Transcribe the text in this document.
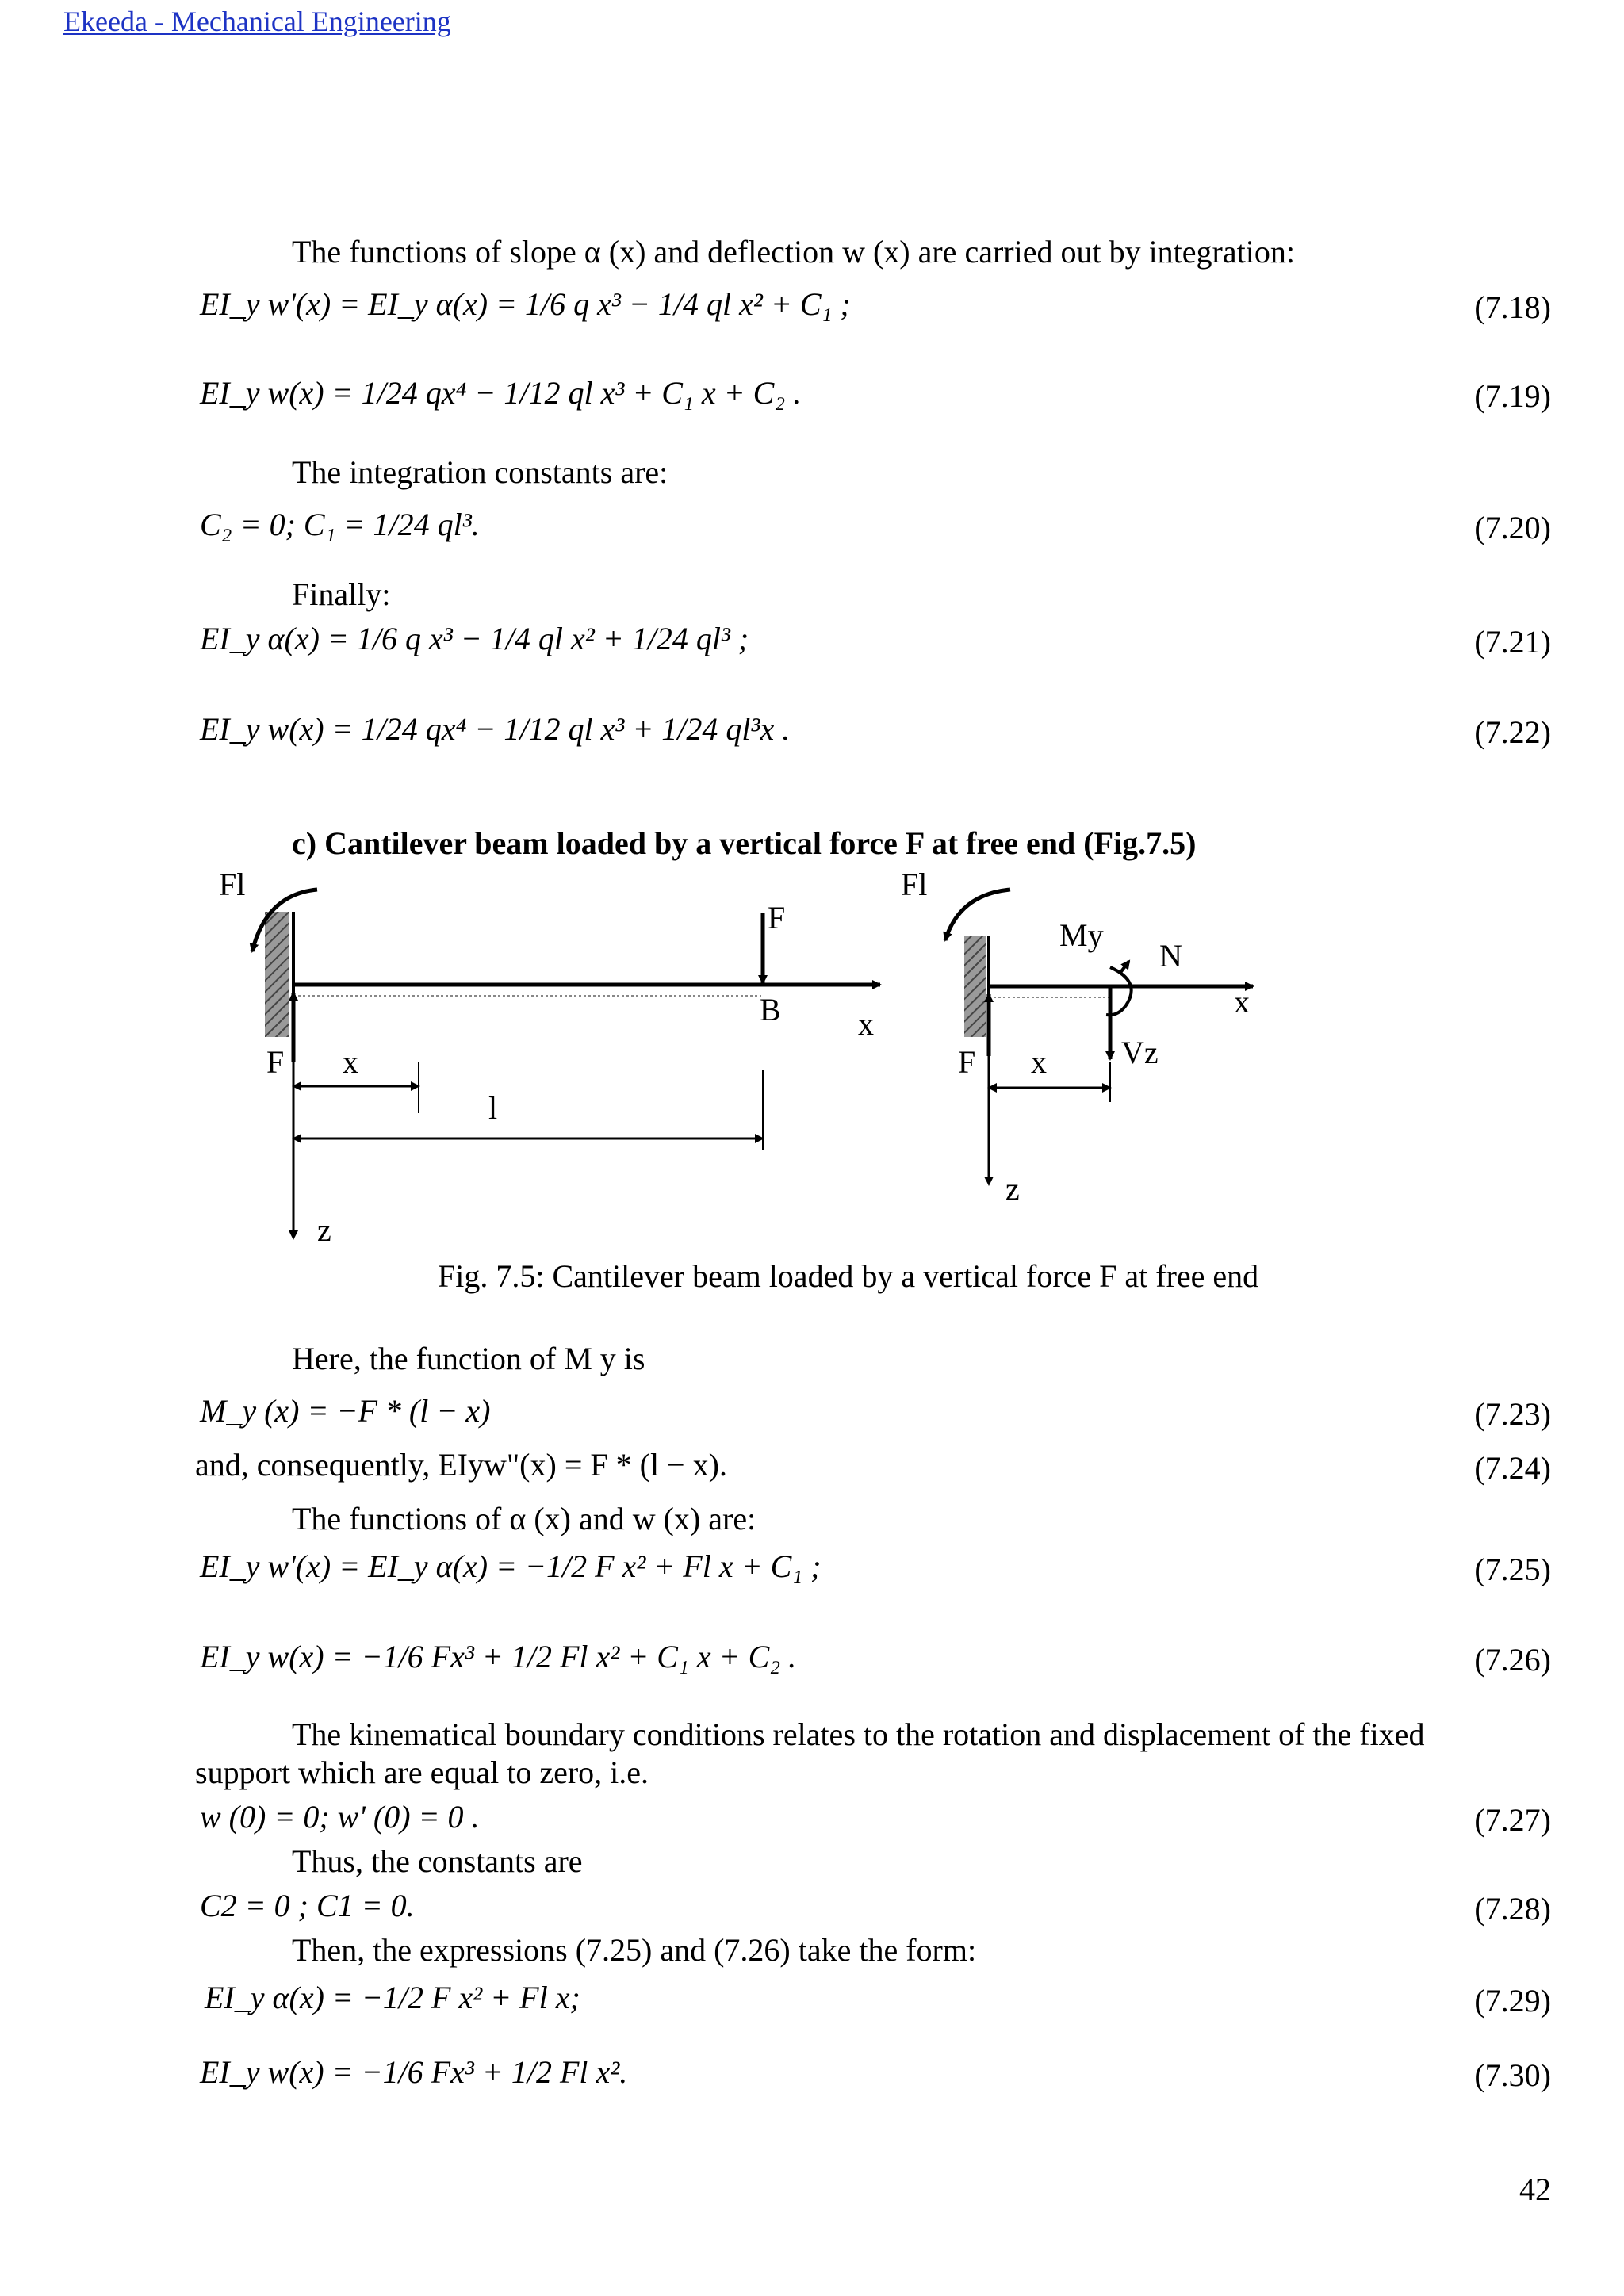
Ekeeda - Mechanical Engineering
The functions of slope α (x) and deflection w (x) are carried out by integration:
EI_y w'(x) = EI_y α(x) = 1/6 q x³ − 1/4 ql x² + C₁ ;	(7.18)
EI_y w(x) = 1/24 qx⁴ − 1/12 ql x³ + C₁ x + C₂ .	(7.19)
The integration constants are:
C₂ = 0; C₁ = 1/24 ql³.	(7.20)
Finally:
EI_y α(x) = 1/6 q x³ − 1/4 ql x² + 1/24 ql³ ;	(7.21)
EI_y w(x) = 1/24 qx⁴ − 1/12 ql x³ + 1/24 ql³x .	(7.22)
c) Cantilever beam loaded by a vertical force F at free end (Fig.7.5)
Fl
F
B x
F x
l
z
Fl
My
N
x
F x Vz
z
Fig. 7.5: Cantilever beam loaded by a vertical force F at free end
Here, the function of M y is
M_y (x) = −F * (l − x)	(7.23)
and, consequently, EIyw"(x) = F * (l − x).	(7.24)
The functions of α (x) and w (x) are:
EI_y w'(x) = EI_y α(x) = −1/2 F x² + Fl x + C₁ ;	(7.25)
EI_y w(x) = −1/6 Fx³ + 1/2 Fl x² + C₁ x + C₂ .	(7.26)
The kinematical boundary conditions relates to the rotation and displacement of the fixed
support which are equal to zero, i.e.
w (0) = 0; w' (0) = 0 .	(7.27)
Thus, the constants are
C2 = 0 ; C1 = 0.	(7.28)
Then, the expressions (7.25) and (7.26) take the form:
EI_y α(x) = −1/2 F x² + Fl x;	(7.29)
EI_y w(x) = −1/6 Fx³ + 1/2 Fl x².	(7.30)
42
